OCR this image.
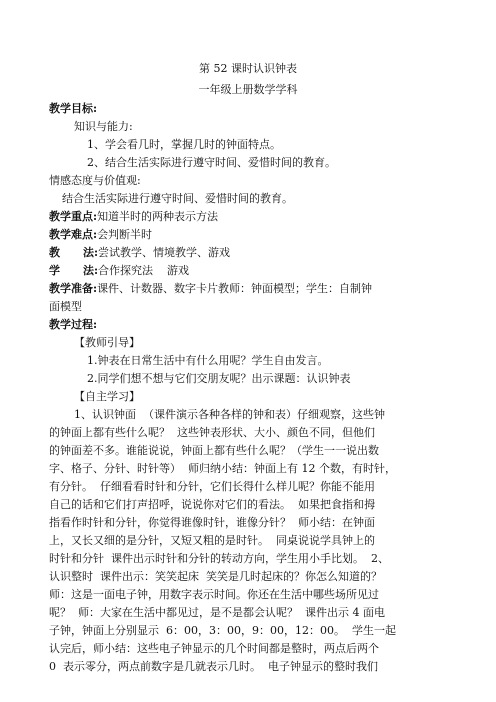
第 52 课时认识钟表
一年级上册数学学科
教学目标:
知识与能力:
1、学会看几时，掌握几时的钟面特点。
2、结合生活实际进行遵守时间、爱惜时间的教育。
情感态度与价值观:
结合生活实际进行遵守时间、爱惜时间的教育。
教学重点:知道半时的两种表示方法
教学难点:会判断半时
教      法:尝试教学、情境教学、游戏
学      法:合作探究法    游戏
教学准备:课件、计数器、数字卡片教师：钟面模型；学生：自制钟
面模型
教学过程:
【教师引导】
1.钟表在日常生活中有什么用呢？学生自由发言。
2.同学们想不想与它们交朋友呢？出示课题：认识钟表
【自主学习】
1、认识钟面  （课件演示各种各样的钟和表）仔细观察，这些钟
的钟面上都有些什么呢？  这些钟表形状、大小、颜色不同，但他们
的钟面差不多。谁能说说，钟面上都有些什么呢？（学生一一说出数
字、格子、分针、时针等）  师归纳小结：钟面上有 12 个数，有时针，
有分针。  仔细看看时针和分针，它们长得什么样儿呢？你能不能用
自己的话和它们打声招呼，说说你对它们的看法。  如果把食指和拇
指看作时针和分针，你觉得谁像时针，谁像分针？  师小结：在钟面
上，又长又细的是分针，又短又粗的是时针。  同桌说说学具钟上的
时针和分针  课件出示时针和分针的转动方向，学生用小手比划。  2、
认识整时  课件出示：笑笑起床  笑笑是几时起床的？你怎么知道的？
师：这是一面电子钟，用数字表示时间。你还在生活中哪些场所见过
呢？  师：大家在生活中都见过，是不是都会认呢？  课件出示 4 面电
子钟，钟面上分别显示  6：00，3：00，9：00，12：00。  学生一起
认完后，师小结：这些电子钟显示的几个时间都是整时，两点后两个
0  表示零分，两点前数字是几就表示几时。  电子钟显示的整时我们
